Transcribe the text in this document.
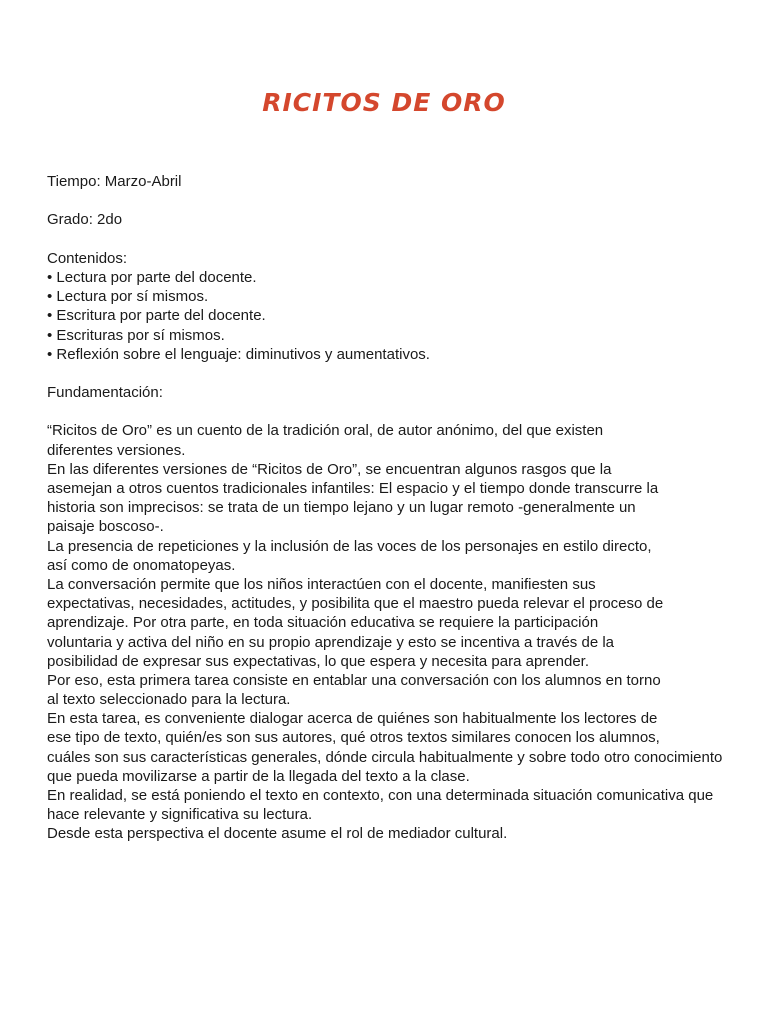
RICITOS DE ORO
Tiempo: Marzo-Abril
Grado: 2do
Contenidos:
• Lectura por parte del docente.
• Lectura por sí mismos.
• Escritura por parte del docente.
• Escrituras por sí mismos.
• Reflexión sobre el lenguaje: diminutivos y aumentativos.
Fundamentación:
“Ricitos de Oro” es un cuento de la tradición oral, de autor anónimo, del que existen
diferentes versiones.
En las diferentes versiones de “Ricitos de Oro”, se encuentran algunos rasgos que la
asemejan a otros cuentos tradicionales infantiles: El espacio y el tiempo donde transcurre la
historia son imprecisos: se trata de un tiempo lejano y un lugar remoto -generalmente un
paisaje boscoso-.
La presencia de repeticiones y la inclusión de las voces de los personajes en estilo directo,
así como de onomatopeyas.
La conversación permite que los niños interactúen con el docente, manifiesten sus
expectativas, necesidades, actitudes, y posibilita que el maestro pueda relevar el proceso de
aprendizaje. Por otra parte, en toda situación educativa se requiere la participación
voluntaria y activa del niño en su propio aprendizaje y esto se incentiva a través de la
posibilidad de expresar sus expectativas, lo que espera y necesita para aprender.
Por eso, esta primera tarea consiste en entablar una conversación con los alumnos en torno
al texto seleccionado para la lectura.
En esta tarea, es conveniente dialogar acerca de quiénes son habitualmente los lectores de
ese tipo de texto, quién/es son sus autores, qué otros textos similares conocen los alumnos,
cuáles son sus características generales, dónde circula habitualmente y sobre todo otro conocimiento
que pueda movilizarse a partir de la llegada del texto a la clase.
En realidad, se está poniendo el texto en contexto, con una determinada situación comunicativa que
hace relevante y significativa su lectura.
Desde esta perspectiva el docente asume el rol de mediador cultural.
